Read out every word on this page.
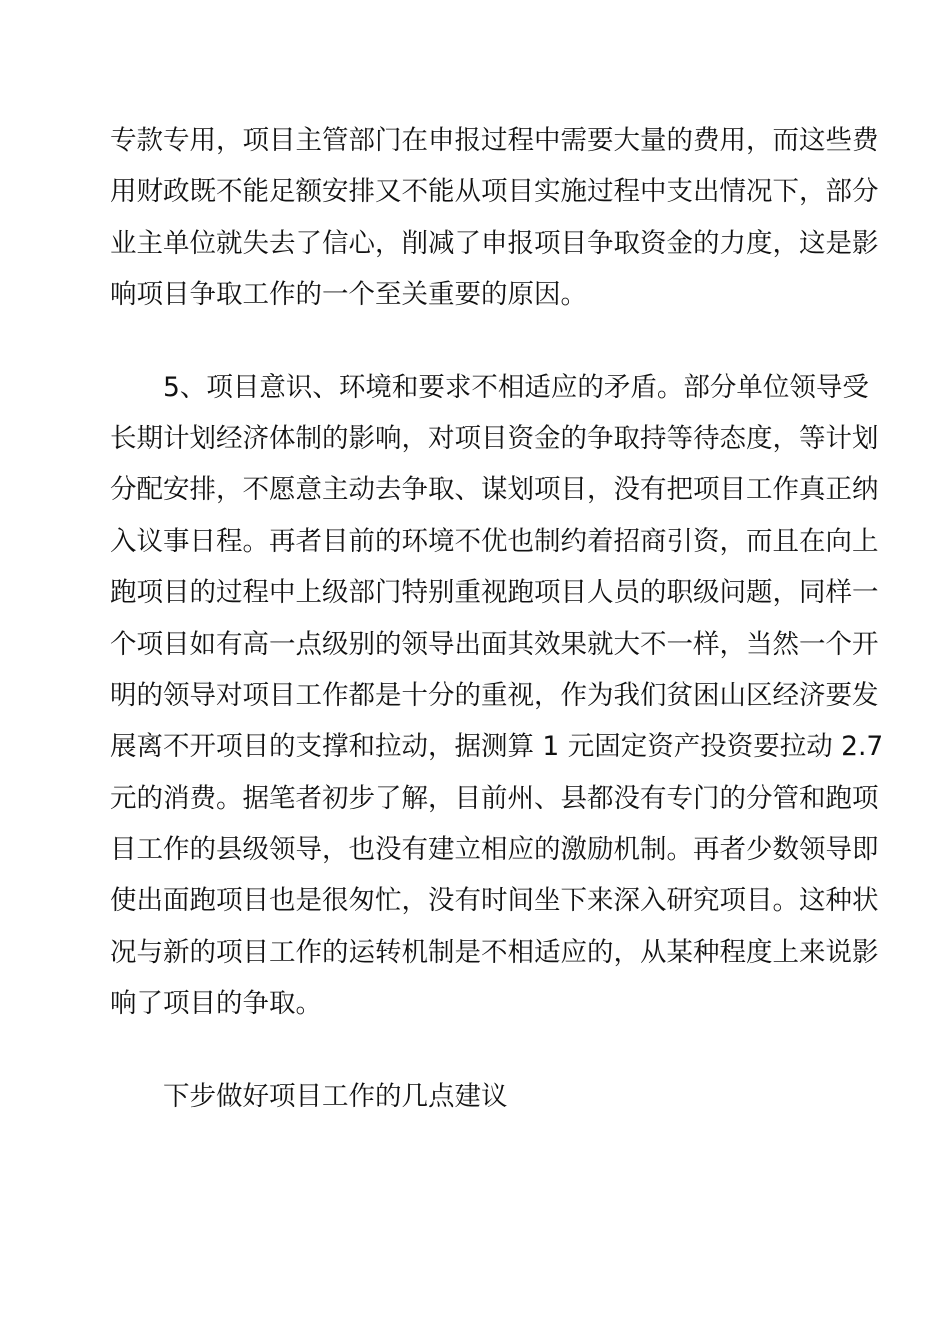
专款专用，项目主管部门在申报过程中需要大量的费用，而这些费
用财政既不能足额安排又不能从项目实施过程中支出情况下，部分
业主单位就失去了信心，削减了申报项目争取资金的力度，这是影
响项目争取工作的一个至关重要的原因。
5、项目意识、环境和要求不相适应的矛盾。部分单位领导受
长期计划经济体制的影响，对项目资金的争取持等待态度，等计划
分配安排，不愿意主动去争取、谋划项目，没有把项目工作真正纳
入议事日程。再者目前的环境不优也制约着招商引资，而且在向上
跑项目的过程中上级部门特别重视跑项目人员的职级问题，同样一
个项目如有高一点级别的领导出面其效果就大不一样，当然一个开
明的领导对项目工作都是十分的重视，作为我们贫困山区经济要发
展离不开项目的支撑和拉动，据测算 1 元固定资产投资要拉动 2.7
元的消费。据笔者初步了解，目前州、县都没有专门的分管和跑项
目工作的县级领导，也没有建立相应的激励机制。再者少数领导即
使出面跑项目也是很匆忙，没有时间坐下来深入研究项目。这种状
况与新的项目工作的运转机制是不相适应的，从某种程度上来说影
响了项目的争取。
下步做好项目工作的几点建议
